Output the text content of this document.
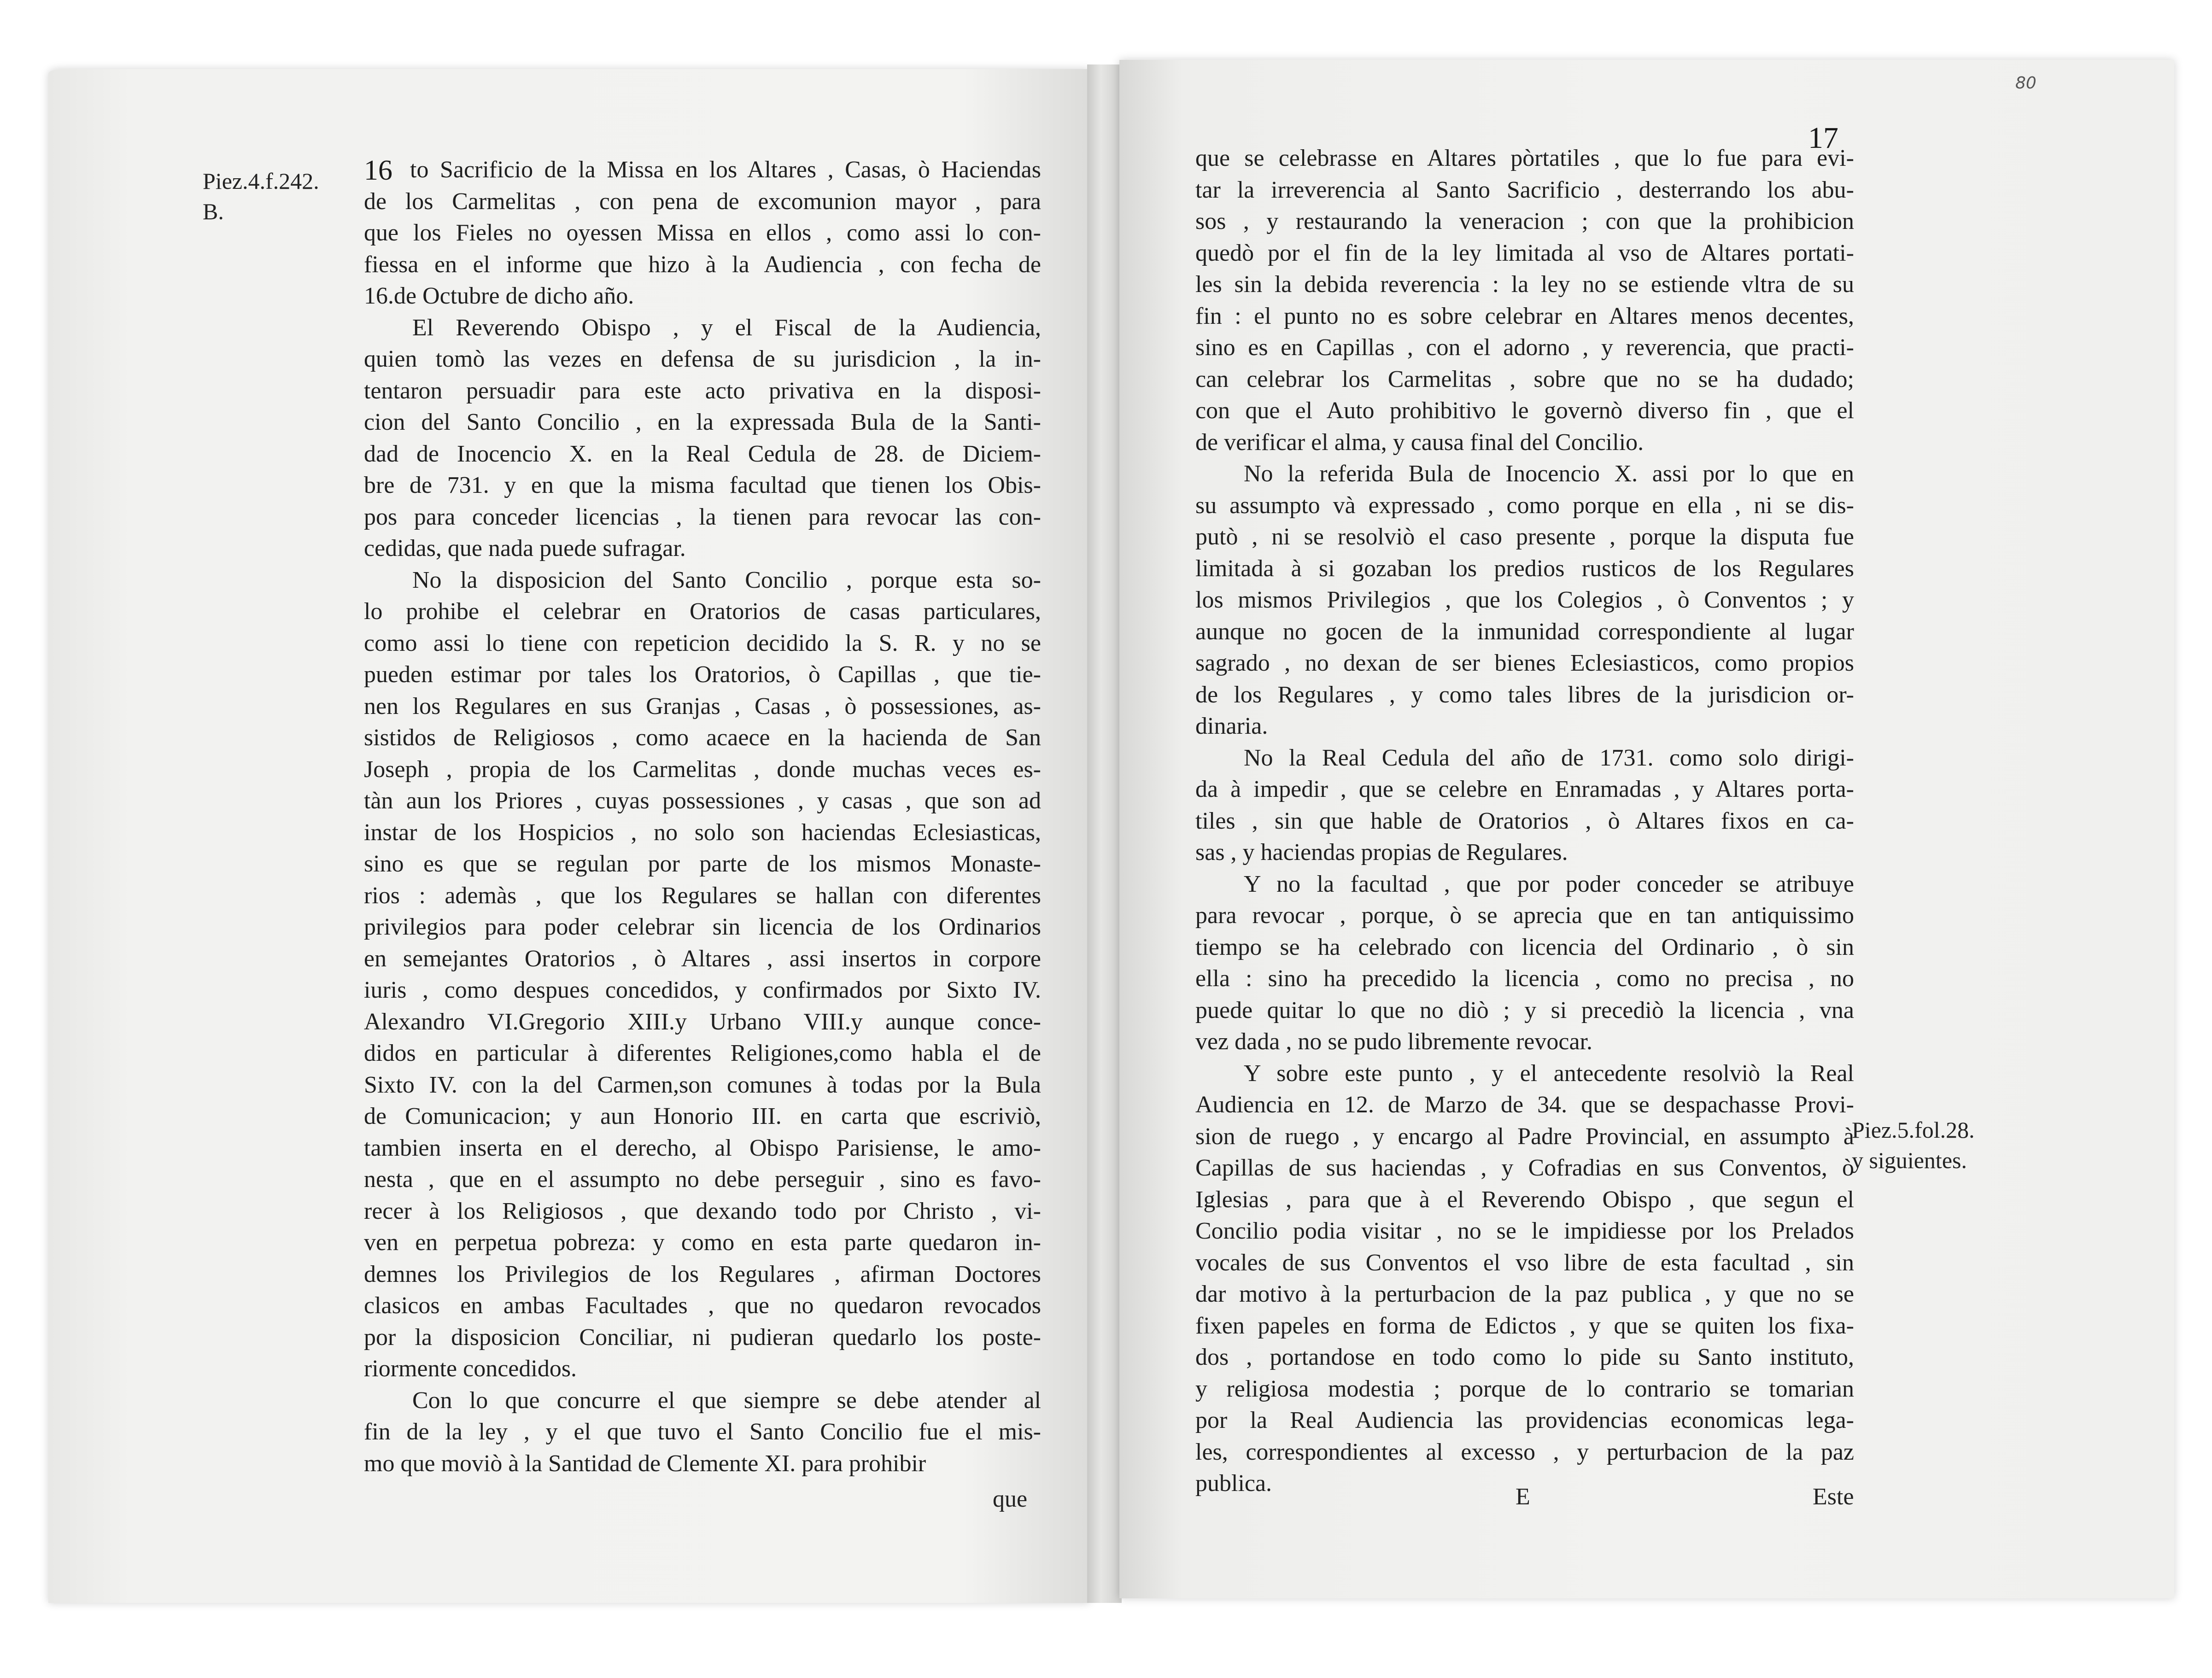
80
16
Piez.4.f.242.
B.
to Sacrificio de la Missa en los Altares , Casas, ò Haciendas
de los Carmelitas , con pena de excomunion mayor , para
que los Fieles no oyessen Missa en ellos , como assi lo con-
fiessa en el informe que hizo à la Audiencia , con fecha de
16.de Octubre de dicho año.
El Reverendo Obispo , y el Fiscal de la Audiencia,
quien tomò las vezes en defensa de su jurisdicion , la in-
tentaron persuadir para este acto privativa en la disposi-
cion del Santo Concilio , en la expressada Bula de la Santi-
dad de Inocencio X. en la Real Cedula de 28. de Diciem-
bre de 731. y en que la misma facultad que tienen los Obis-
pos para conceder licencias , la tienen para revocar las con-
cedidas, que nada puede sufragar.
No la disposicion del Santo Concilio , porque esta so-
lo prohibe el celebrar en Oratorios de casas particulares,
como assi lo tiene con repeticion decidido la S. R. y no se
pueden estimar por tales los Oratorios, ò Capillas , que tie-
nen los Regulares en sus Granjas , Casas , ò possessiones, as-
sistidos de Religiosos , como acaece en la hacienda de San
Joseph , propia de los Carmelitas , donde muchas veces es-
tàn aun los Priores , cuyas possessiones , y casas , que son ad
instar de los Hospicios , no solo son haciendas Eclesiasticas,
sino es que se regulan por parte de los mismos Monaste-
rios : ademàs , que los Regulares se hallan con diferentes
privilegios para poder celebrar sin licencia de los Ordinarios
en semejantes Oratorios , ò Altares , assi insertos in corpore
iuris , como despues concedidos, y confirmados por Sixto IV.
Alexandro VI.Gregorio XIII.y Urbano VIII.y aunque conce-
didos en particular à diferentes Religiones,como habla el de
Sixto IV. con la del Carmen,son comunes à todas por la Bula
de Comunicacion; y aun Honorio III. en carta que escriviò,
tambien inserta en el derecho, al Obispo Parisiense, le amo-
nesta , que en el assumpto no debe perseguir , sino es favo-
recer à los Religiosos , que dexando todo por Christo , vi-
ven en perpetua pobreza: y como en esta parte quedaron in-
demnes los Privilegios de los Regulares , afirman Doctores
clasicos en ambas Facultades , que no quedaron revocados
por la disposicion Conciliar, ni pudieran quedarlo los poste-
riormente concedidos.
Con lo que concurre el que siempre se debe atender al
fin de la ley , y el que tuvo el Santo Concilio fue el mis-
mo que moviò à la Santidad de Clemente XI. para prohibir
que
17
Piez.5.fol.28.
y siguientes.
que se celebrasse en Altares pòrtatiles , que lo fue para evi-
tar la irreverencia al Santo Sacrificio , desterrando los abu-
sos , y restaurando la veneracion ; con que la prohibicion
quedò por el fin de la ley limitada al vso de Altares portati-
les sin la debida reverencia : la ley no se estiende vltra de su
fin : el punto no es sobre celebrar en Altares menos decentes,
sino es en Capillas , con el adorno , y reverencia, que practi-
can celebrar los Carmelitas , sobre que no se ha dudado;
con que el Auto prohibitivo le governò diverso fin , que el
de verificar el alma, y causa final del Concilio.
No la referida Bula de Inocencio X. assi por lo que en
su assumpto và expressado , como porque en ella , ni se dis-
putò , ni se resolviò el caso presente , porque la disputa fue
limitada à si gozaban los predios rusticos de los Regulares
los mismos Privilegios , que los Colegios , ò Conventos ; y
aunque no gocen de la inmunidad correspondiente al lugar
sagrado , no dexan de ser bienes Eclesiasticos, como propios
de los Regulares , y como tales libres de la jurisdicion or-
dinaria.
No la Real Cedula del año de 1731. como solo dirigi-
da à impedir , que se celebre en Enramadas , y Altares porta-
tiles , sin que hable de Oratorios , ò Altares fixos en ca-
sas , y haciendas propias de Regulares.
Y no la facultad , que por poder conceder se atribuye
para revocar , porque, ò se aprecia que en tan antiquissimo
tiempo se ha celebrado con licencia del Ordinario , ò sin
ella : sino ha precedido la licencia , como no precisa , no
puede quitar lo que no diò ; y si precediò la licencia , vna
vez dada , no se pudo libremente revocar.
Y sobre este punto , y el antecedente resolviò la Real
Audiencia en 12. de Marzo de 34. que se despachasse Provi-
sion de ruego , y encargo al Padre Provincial, en assumpto à
Capillas de sus haciendas , y Cofradias en sus Conventos, ò
Iglesias , para que à el Reverendo Obispo , que segun el
Concilio podia visitar , no se le impidiesse por los Prelados
vocales de sus Conventos el vso libre de esta facultad , sin
dar motivo à la perturbacion de la paz publica , y que no se
fixen papeles en forma de Edictos , y que se quiten los fixa-
dos , portandose en todo como lo pide su Santo instituto,
y religiosa modestia ; porque de lo contrario se tomarian
por la Real Audiencia las providencias economicas lega-
les, correspondientes al excesso , y perturbacion de la paz
publica.
E	Este
